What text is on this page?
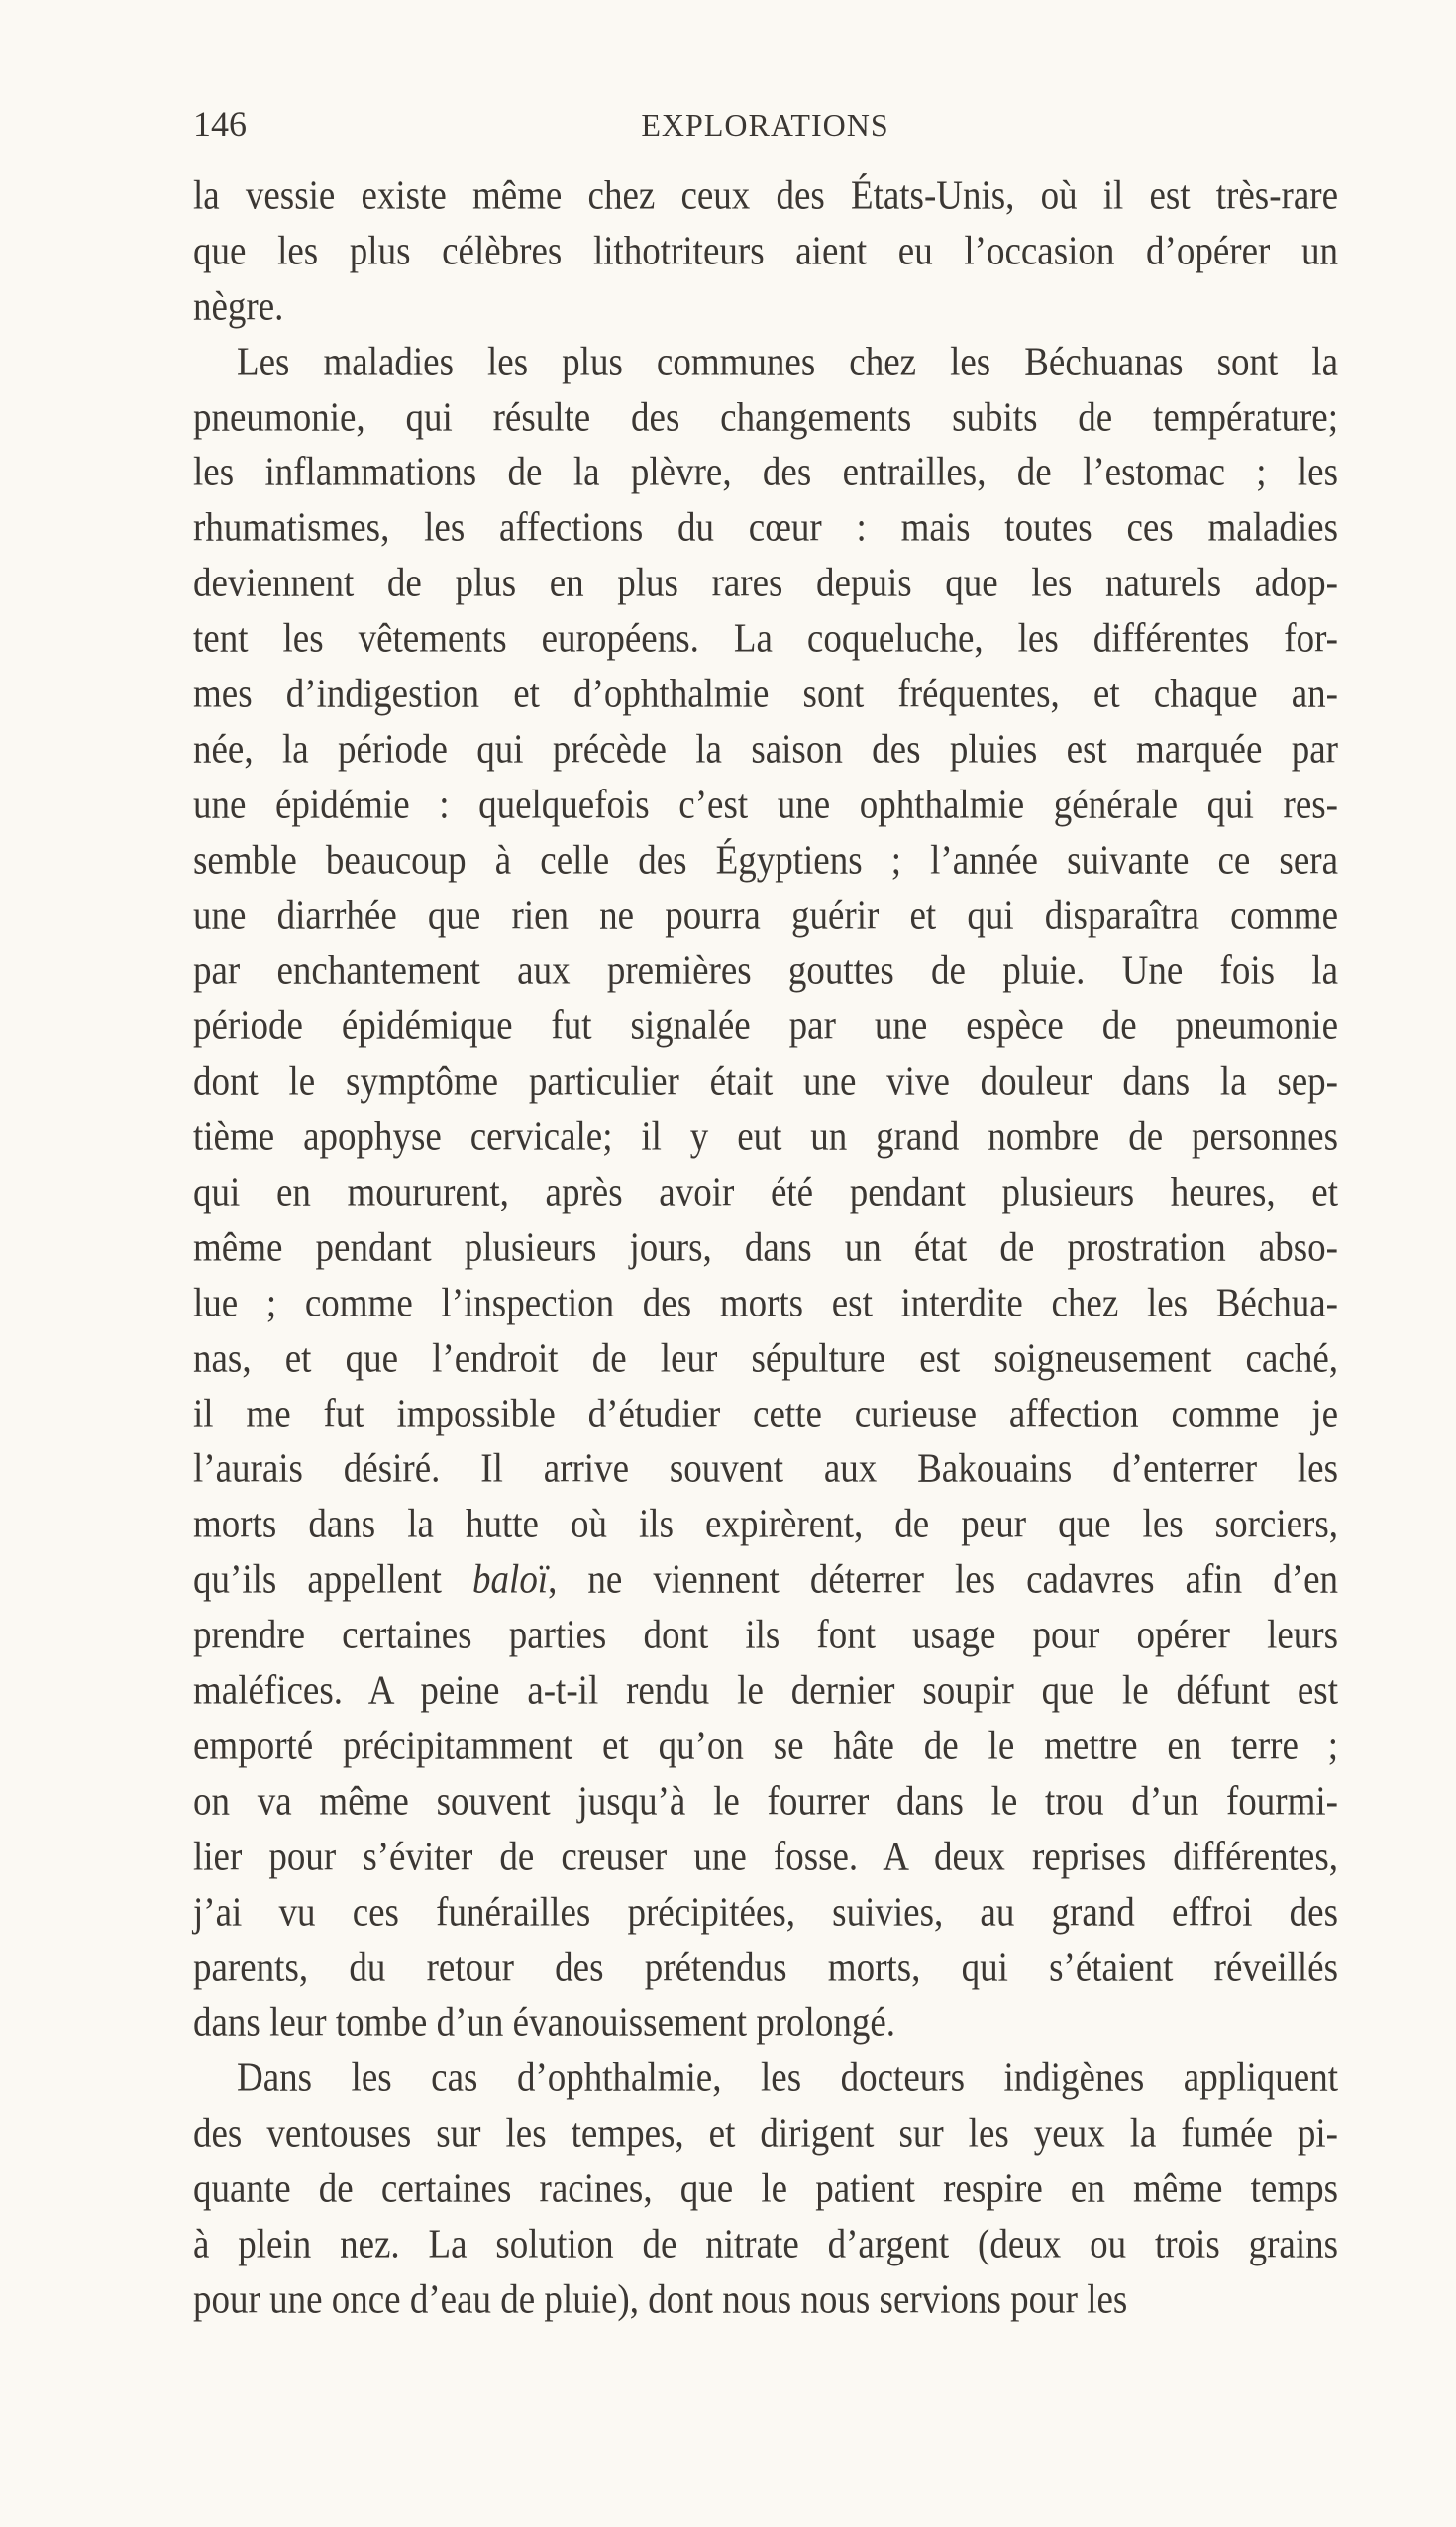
146	EXPLORATIONS
la vessie existe même chez ceux des États-Unis, où il est très-rare
que les plus célèbres lithotriteurs aient eu l’occasion d’opérer un
nègre.
Les maladies les plus communes chez les Béchuanas sont la
pneumonie, qui résulte des changements subits de température;
les inflammations de la plèvre, des entrailles, de l’estomac ; les
rhumatismes, les affections du cœur : mais toutes ces maladies
deviennent de plus en plus rares depuis que les naturels adop-
tent les vêtements européens. La coqueluche, les différentes for-
mes d’indigestion et d’ophthalmie sont fréquentes, et chaque an-
née, la période qui précède la saison des pluies est marquée par
une épidémie : quelquefois c’est une ophthalmie générale qui res-
semble beaucoup à celle des Égyptiens ; l’année suivante ce sera
une diarrhée que rien ne pourra guérir et qui disparaîtra comme
par enchantement aux premières gouttes de pluie. Une fois la
période épidémique fut signalée par une espèce de pneumonie
dont le symptôme particulier était une vive douleur dans la sep-
tième apophyse cervicale; il y eut un grand nombre de personnes
qui en moururent, après avoir été pendant plusieurs heures, et
même pendant plusieurs jours, dans un état de prostration abso-
lue ; comme l’inspection des morts est interdite chez les Béchua-
nas, et que l’endroit de leur sépulture est soigneusement caché,
il me fut impossible d’étudier cette curieuse affection comme je
l’aurais désiré. Il arrive souvent aux Bakouains d’enterrer les
morts dans la hutte où ils expirèrent, de peur que les sorciers,
qu’ils appellent baloï, ne viennent déterrer les cadavres afin d’en
prendre certaines parties dont ils font usage pour opérer leurs
maléfices. A peine a-t-il rendu le dernier soupir que le défunt est
emporté précipitamment et qu’on se hâte de le mettre en terre ;
on va même souvent jusqu’à le fourrer dans le trou d’un fourmi-
lier pour s’éviter de creuser une fosse. A deux reprises différentes,
j’ai vu ces funérailles précipitées, suivies, au grand effroi des
parents, du retour des prétendus morts, qui s’étaient réveillés
dans leur tombe d’un évanouissement prolongé.
Dans les cas d’ophthalmie, les docteurs indigènes appliquent
des ventouses sur les tempes, et dirigent sur les yeux la fumée pi-
quante de certaines racines, que le patient respire en même temps
à plein nez. La solution de nitrate d’argent (deux ou trois grains
pour une once d’eau de pluie), dont nous nous servions pour les
